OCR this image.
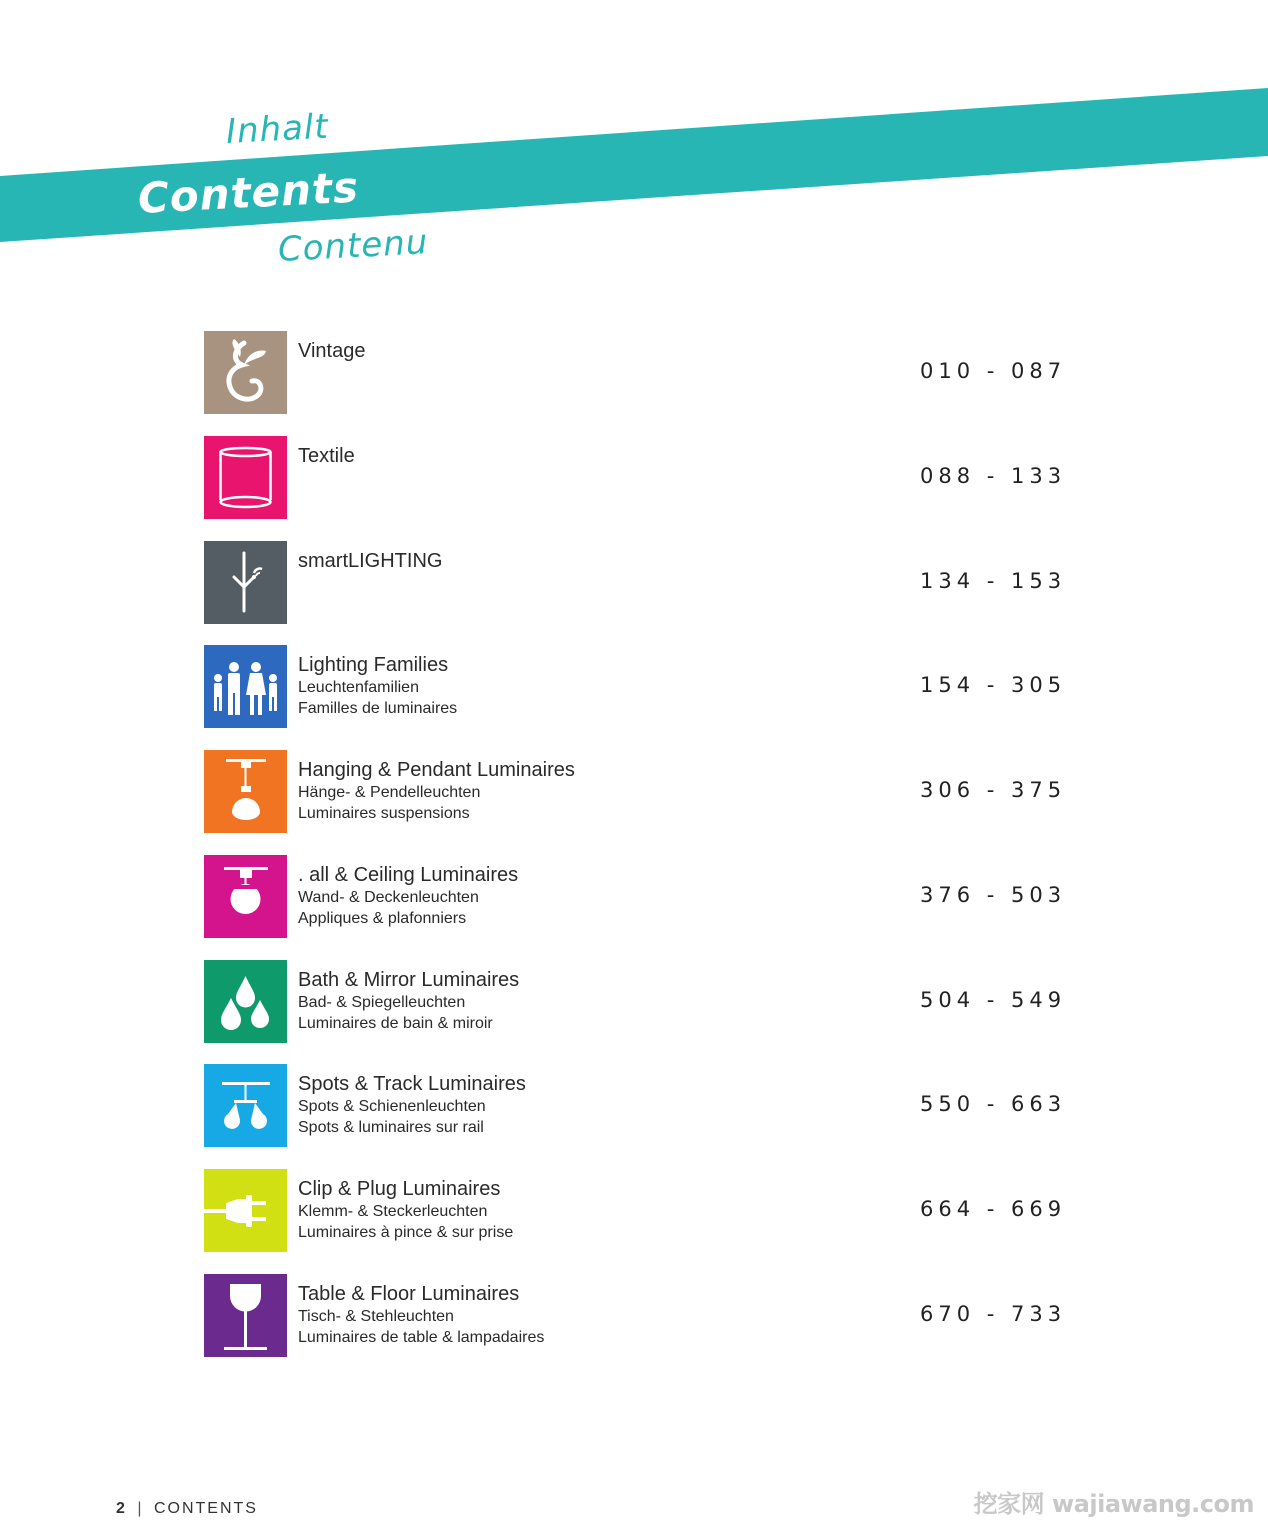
Inhalt
Contents
Contenu
Vintage
010 - 087
Textile
088 - 133
smartLIGHTING
134 - 153
Lighting Families
Leuchtenfamilien
Familles de luminaires
154 - 305
Hanging & Pendant Luminaires
Hänge- & Pendelleuchten
Luminaires suspensions
306 - 375
. all & Ceiling Luminaires
Wand- & Deckenleuchten
Appliques & plafonniers
376 - 503
Bath & Mirror Luminaires
Bad- & Spiegelleuchten
Luminaires de bain & miroir
504 - 549
Spots & Track Luminaires
Spots & Schienenleuchten
Spots & luminaires sur rail
550 - 663
Clip & Plug Luminaires
Klemm- & Steckerleuchten
Luminaires à pince & sur prise
664 - 669
Table & Floor Luminaires
Tisch- & Stehleuchten
Luminaires de table & lampadaires
670 - 733
2 | CONTENTS	挖家网 wajiawang.com
